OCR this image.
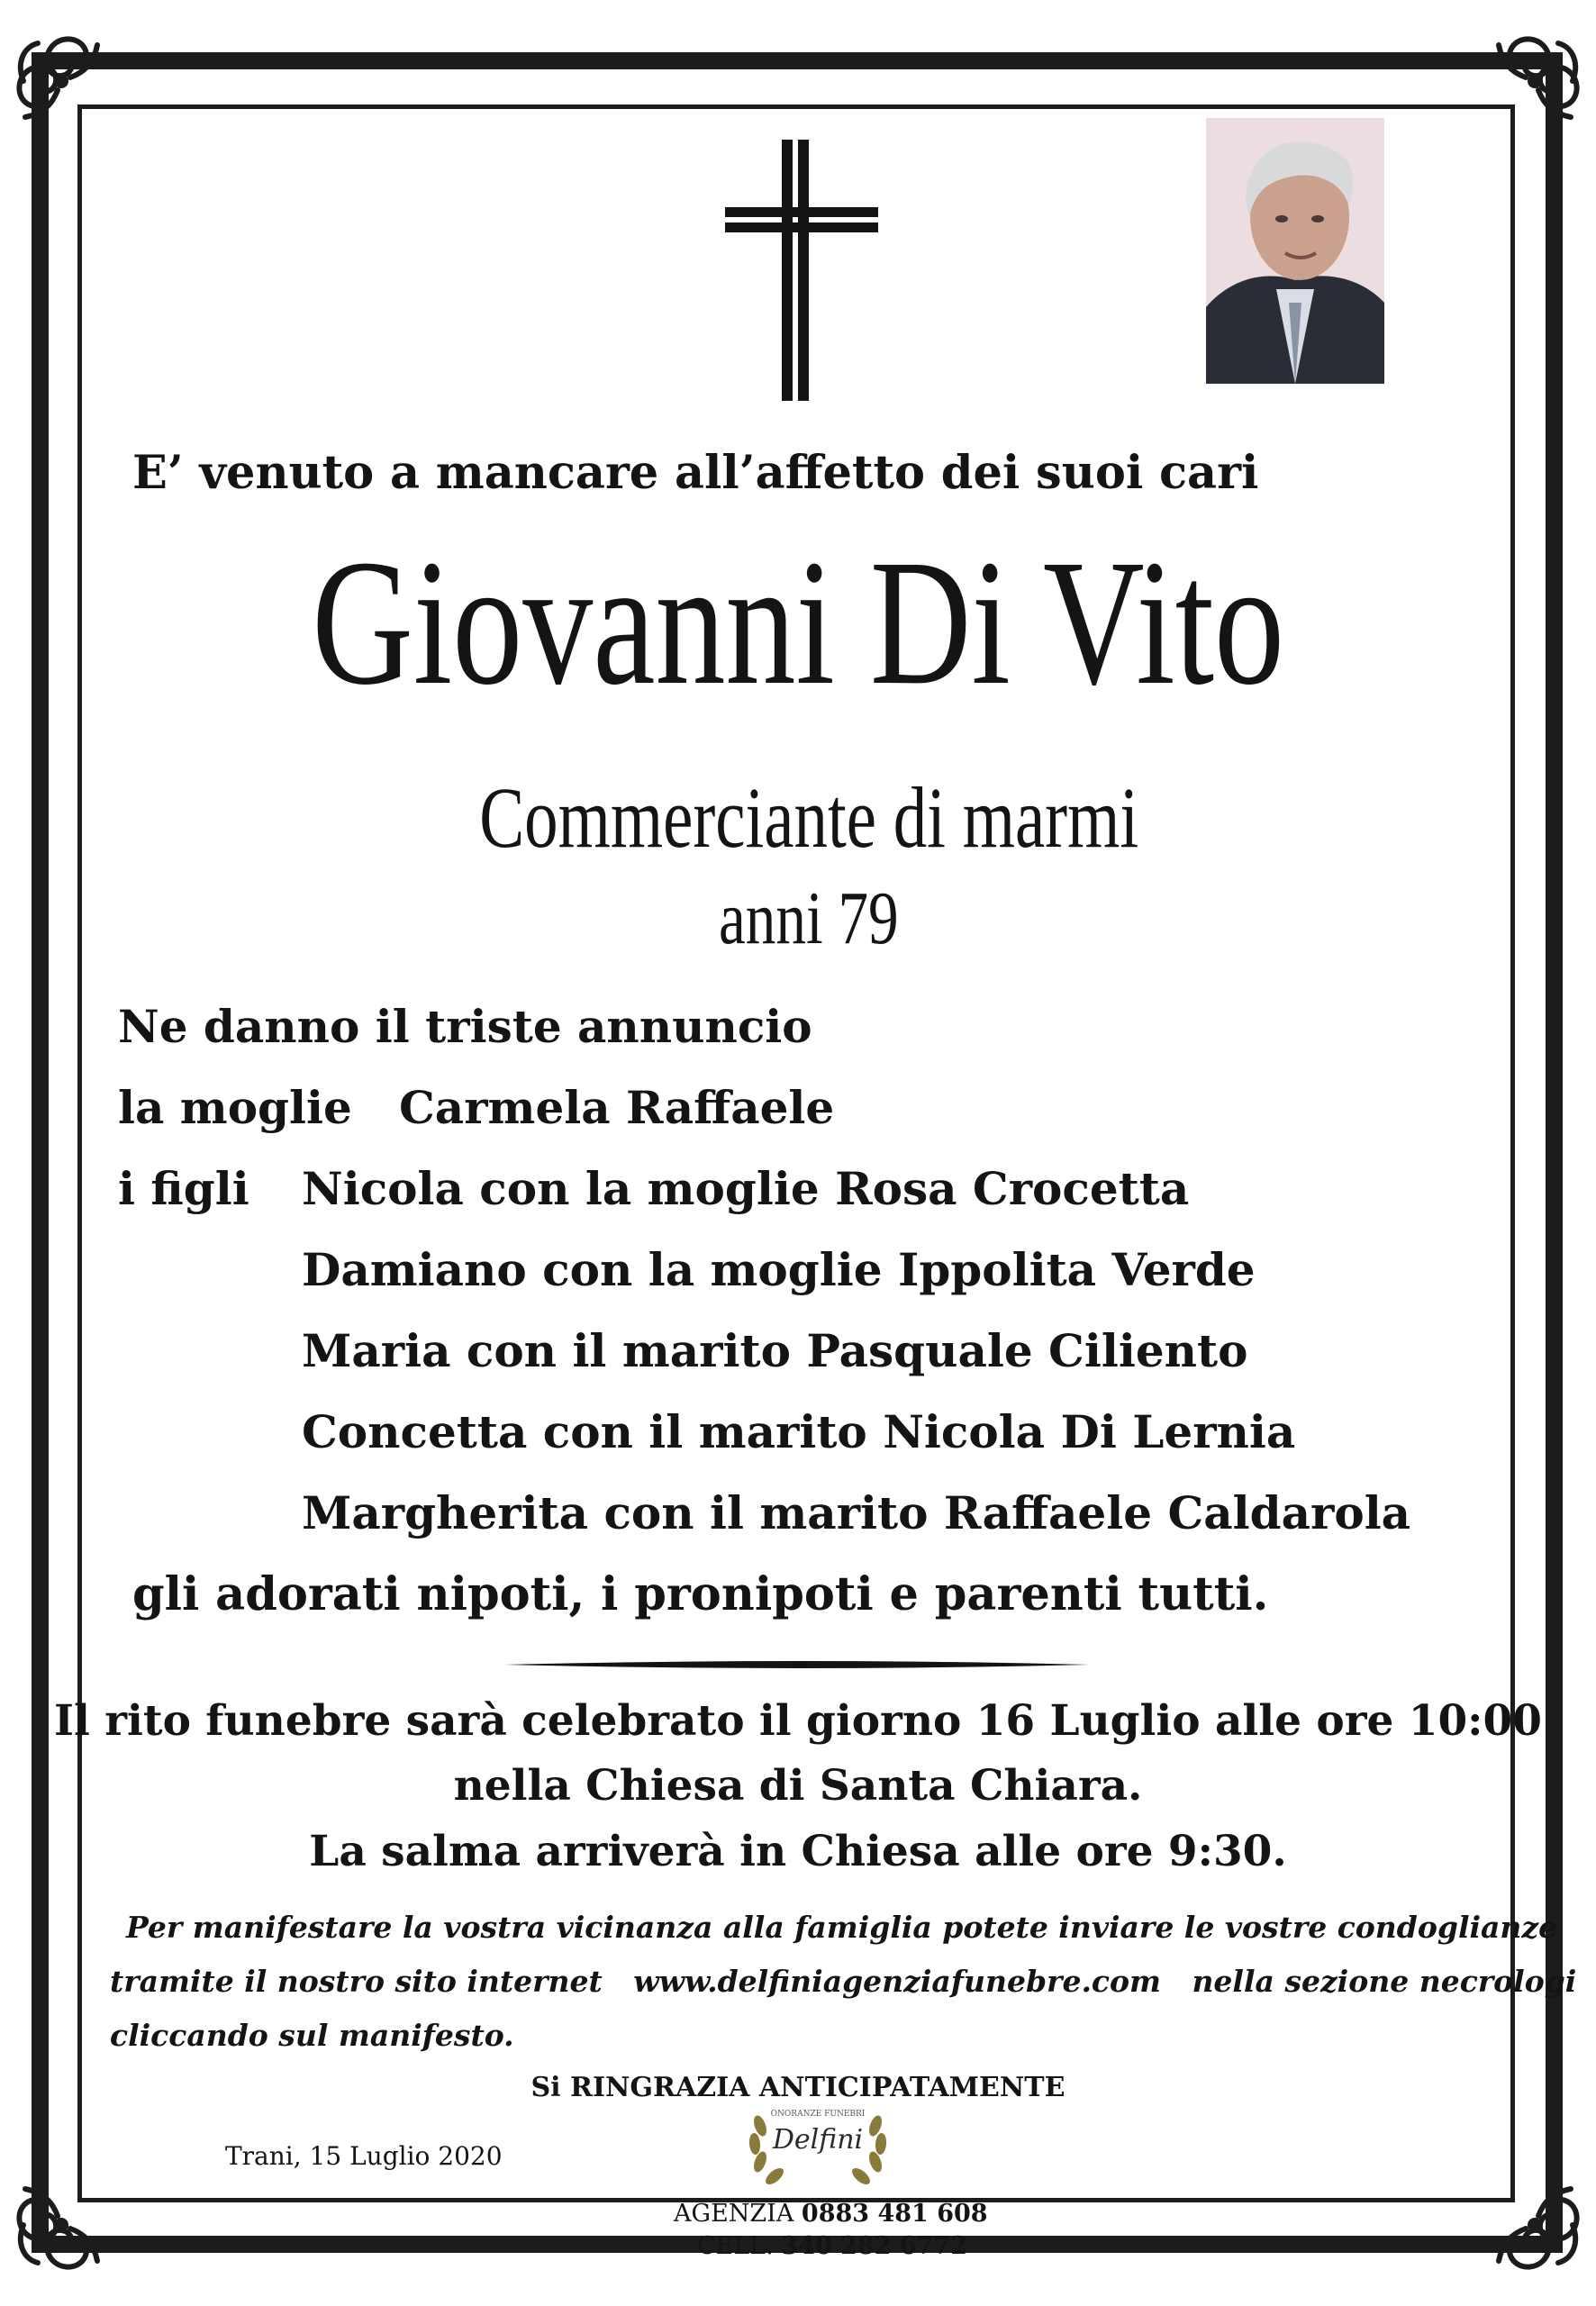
E’ venuto a mancare all’affetto dei suoi cari
Giovanni Di Vito
Commerciante di marmi
anni 79
Ne danno il triste annuncio
la moglie Carmela Raffaele
i figli Nicola con la moglie Rosa Crocetta
Damiano con la moglie Ippolita Verde
Maria con il marito Pasquale Ciliento
Concetta con il marito Nicola Di Lernia
Margherita con il marito Raffaele Caldarola
gli adorati nipoti, i pronipoti e parenti tutti.
Il rito funebre sarà celebrato il giorno 16 Luglio alle ore 10:00
nella Chiesa di Santa Chiara.
La salma arriverà in Chiesa alle ore 9:30.
Per manifestare la vostra vicinanza alla famiglia potete inviare le vostre condoglianze
tramite il nostro sito internet www.delfiniagenziafunebre.com nella sezione necrologi
cliccando sul manifesto.
Si RINGRAZIA ANTICIPATAMENTE
Trani, 15 Luglio 2020
ONORANZE FUNEBRI
Delfini
AGENZIA 0883 481 608
CELL. 340 282 6772
